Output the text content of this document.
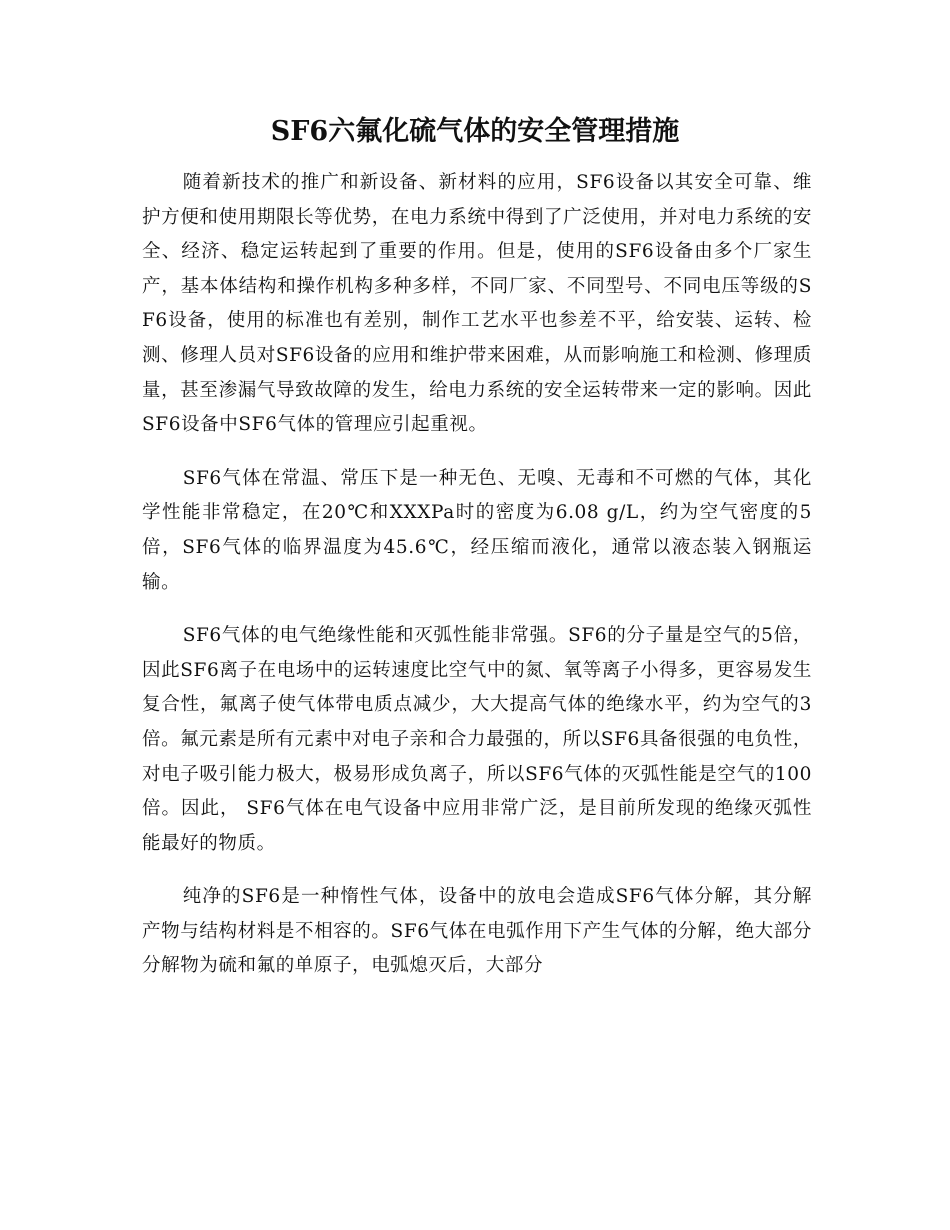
SF6六氟化硫气体的安全管理措施

随着新技术的推广和新设备、新材料的应用，SF6设备以其安全可靠、维护方便和使用期限长等优势，在电力系统中得到了广泛使用，并对电力系统的安全、经济、稳定运转起到了重要的作用。但是，使用的SF6设备由多个厂家生产，基本体结构和操作机构多种多样，不同厂家、不同型号、不同电压等级的SF6设备，使用的标准也有差别，制作工艺水平也参差不平，给安装、运转、检测、修理人员对SF6设备的应用和维护带来困难，从而影响施工和检测、修理质量，甚至渗漏气导致故障的发生，给电力系统的安全运转带来一定的影响。因此SF6设备中SF6气体的管理应引起重视。

SF6气体在常温、常压下是一种无色、无嗅、无毒和不可燃的气体，其化学性能非常稳定，在20℃和XXXPa时的密度为6.08 g/L，约为空气密度的5倍，SF6气体的临界温度为45.6℃，经压缩而液化，通常以液态装入钢瓶运输。

SF6气体的电气绝缘性能和灭弧性能非常强。SF6的分子量是空气的5倍，因此SF6离子在电场中的运转速度比空气中的氮、氧等离子小得多，更容易发生复合性，氟离子使气体带电质点减少，大大提高气体的绝缘水平，约为空气的3倍。氟元素是所有元素中对电子亲和合力最强的，所以SF6具备很强的电负性，对电子吸引能力极大，极易形成负离子，所以SF6气体的灭弧性能是空气的100倍。因此， SF6气体在电气设备中应用非常广泛，是目前所发现的绝缘灭弧性能最好的物质。

纯净的SF6是一种惰性气体，设备中的放电会造成SF6气体分解，其分解产物与结构材料是不相容的。SF6气体在电弧作用下产生气体的分解，绝大部分分解物为硫和氟的单原子，电弧熄灭后，大部分
